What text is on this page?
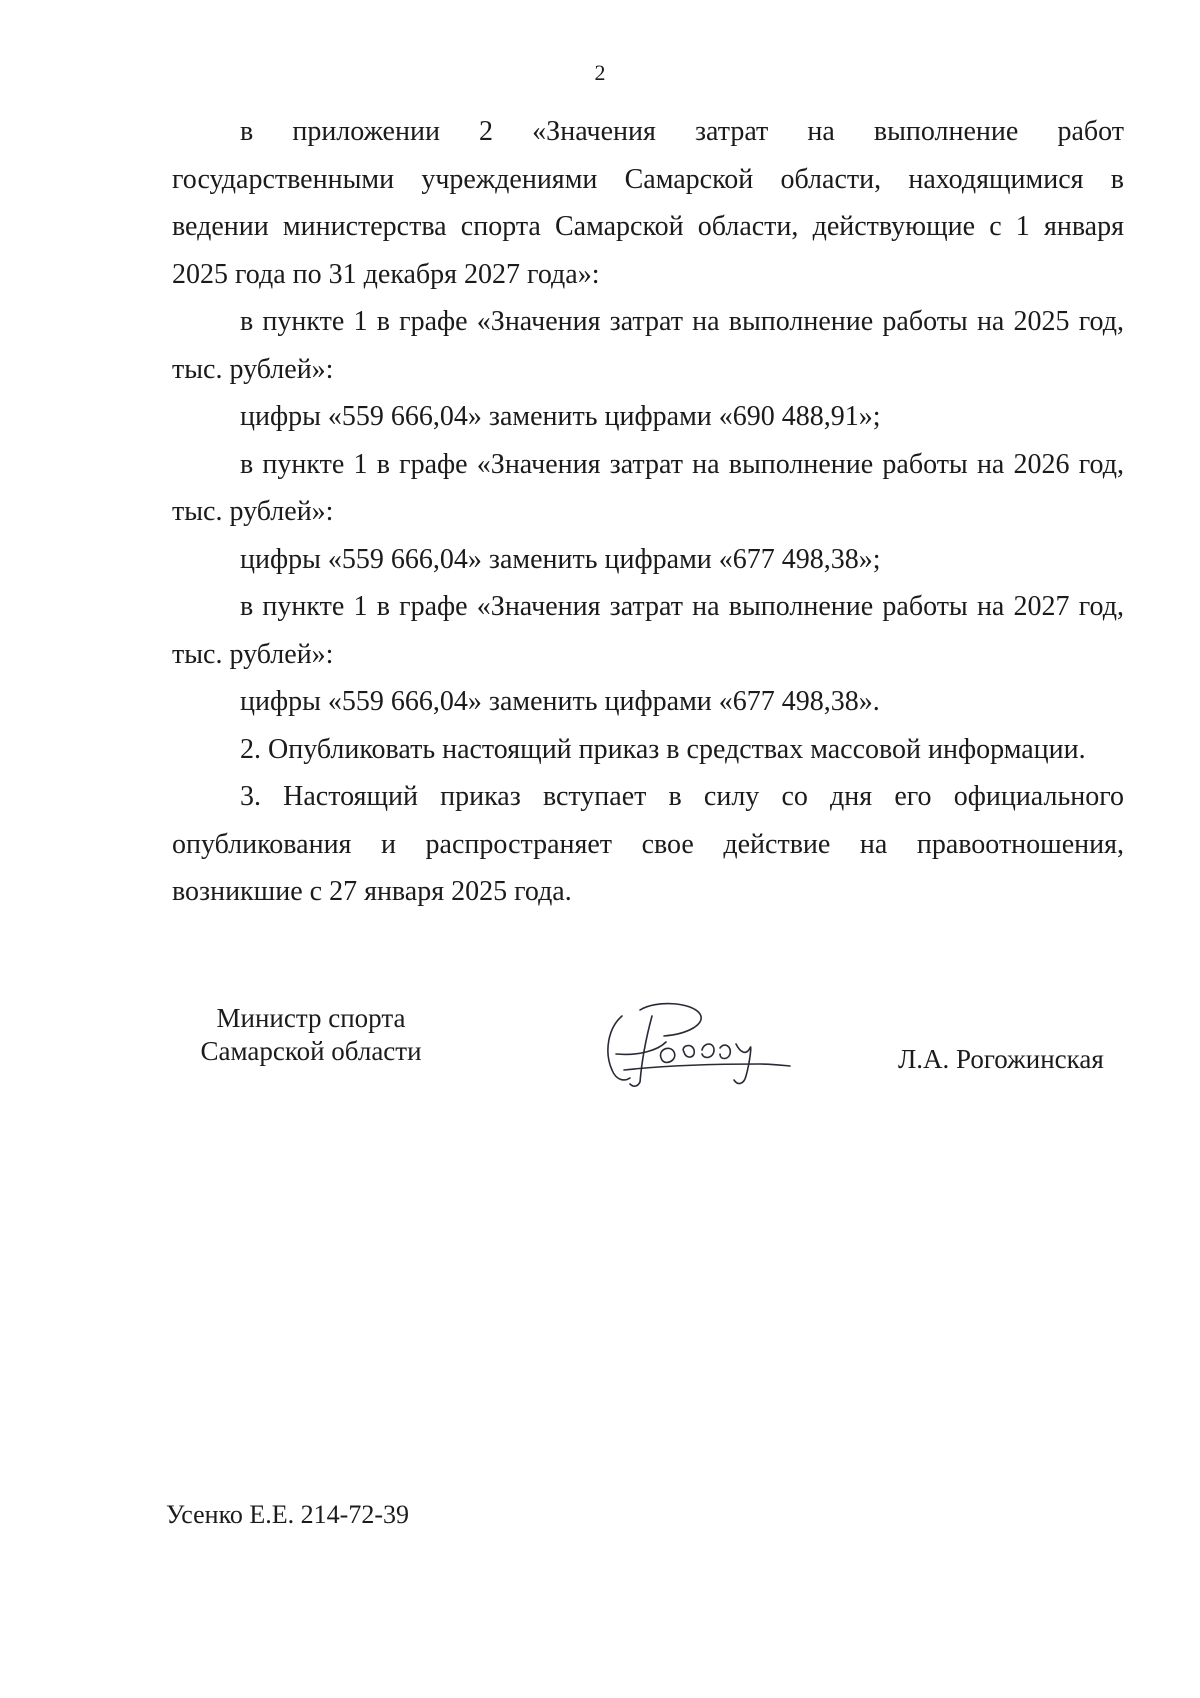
2

в приложении 2 «Значения затрат на выполнение работ государственными учреждениями Самарской области, находящимися в ведении министерства спорта Самарской области, действующие с 1 января 2025 года по 31 декабря 2027 года»:

в пункте 1 в графе «Значения затрат на выполнение работы на 2025 год, тыс. рублей»:

цифры «559 666,04» заменить цифрами «690 488,91»;

в пункте 1 в графе «Значения затрат на выполнение работы на 2026 год, тыс. рублей»:

цифры «559 666,04» заменить цифрами «677 498,38»;

в пункте 1 в графе «Значения затрат на выполнение работы на 2027 год, тыс. рублей»:

цифры «559 666,04» заменить цифрами «677 498,38».

2. Опубликовать настоящий приказ в средствах массовой информации.

3. Настоящий приказ вступает в силу со дня его официального опубликования и распространяет свое действие на правоотношения, возникшие с 27 января 2025 года.

Министр спорта
Самарской области	Л.А. Рогожинская
Усенко Е.Е. 214-72-39
